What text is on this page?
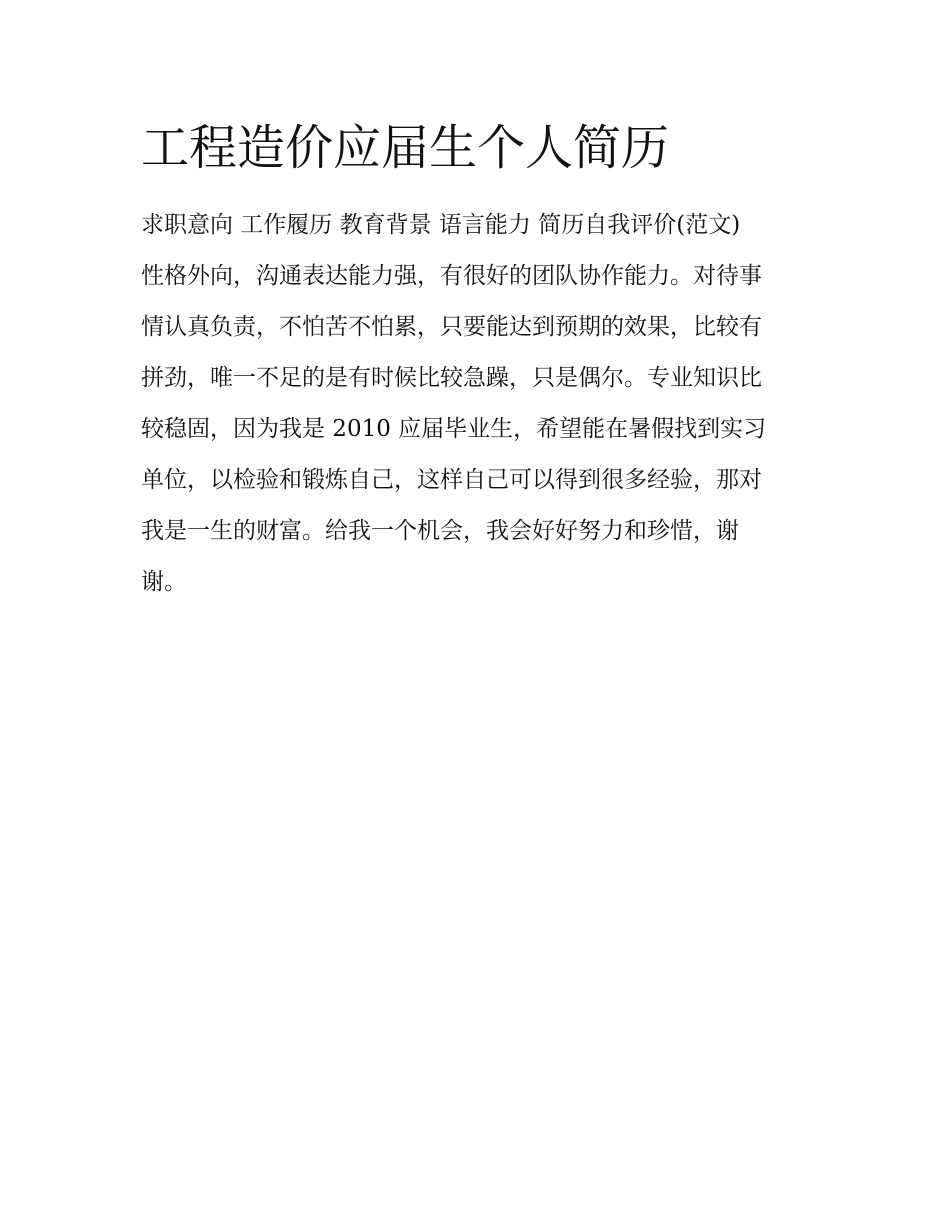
工程造价应届生个人简历
求职意向 工作履历 教育背景 语言能力 简历自我评价(范文)
性格外向，沟通表达能力强，有很好的团队协作能力。对待事
情认真负责，不怕苦不怕累，只要能达到预期的效果，比较有
拼劲，唯一不足的是有时候比较急躁，只是偶尔。专业知识比
较稳固，因为我是 2010 应届毕业生，希望能在暑假找到实习
单位，以检验和锻炼自己，这样自己可以得到很多经验，那对
我是一生的财富。给我一个机会，我会好好努力和珍惜，谢
谢。
